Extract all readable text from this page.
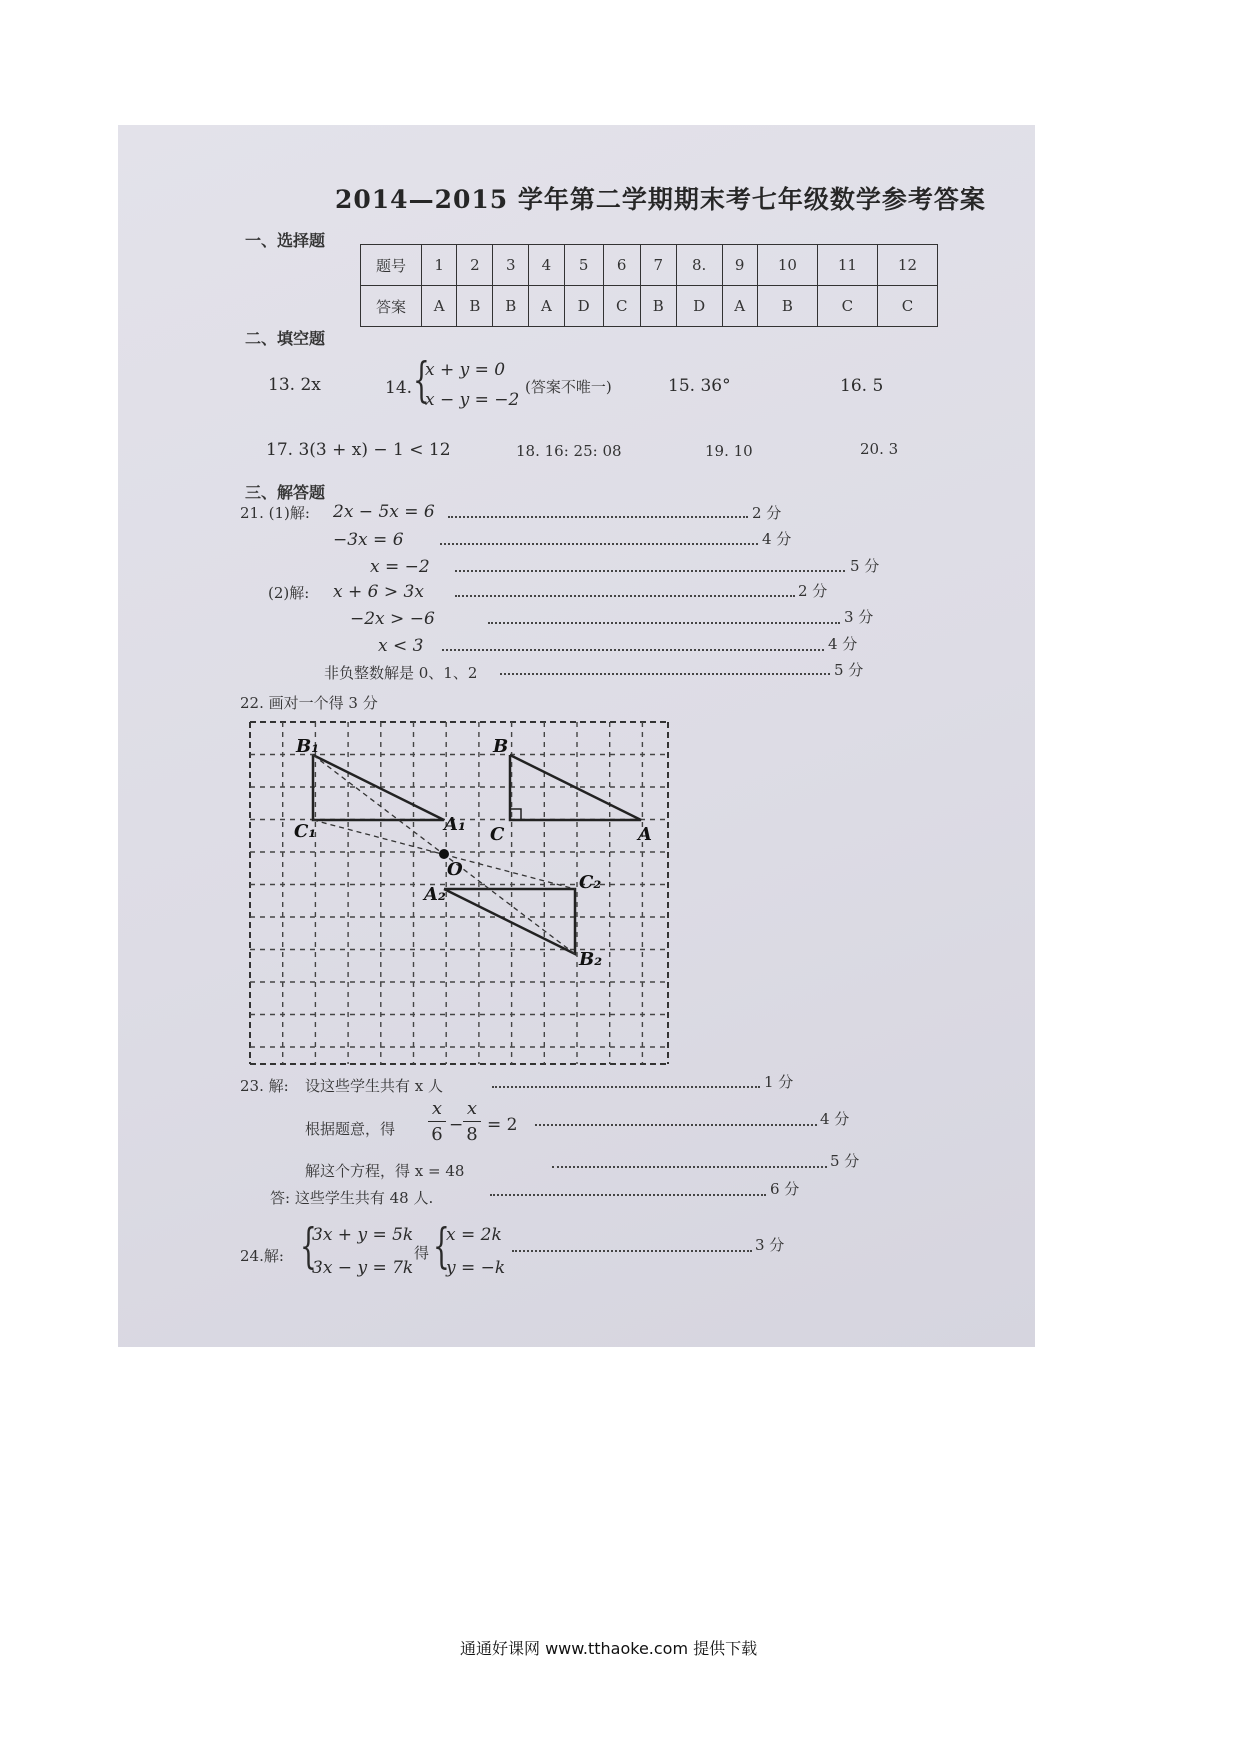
2014—2015 学年第二学期期末考七年级数学参考答案
一、选择题
题号	1	2	3	4	5	6	7	8.	9	10	11	12
答案	A	B	B	A	D	C	B	D	A	B	C	C
二、填空题
13. 2x	14. {
x + y = 0
x − y = −2
(答案不唯一)	15. 36°	16. 5
17. 3(3 + x) − 1 < 12	18. 16: 25: 08	19. 10	20. 3
三、解答题
21. (1)解: 2x − 5x = 6	2 分
−3x = 6	4 分
x = −2	5 分
(2)解: x + 6 > 3x	2 分
−2x > −6	3 分
x < 3	4 分
非负整数解是 0、1、2	5 分
22. 画对一个得 3 分
B₁
C₁	A₁
B
C	A
O
A₂
C₂
B₂
23. 解: 设这些学生共有 x 人	1 分
根据题意，得
x
6 −
x
8 = 2	4 分
解这个方程，得 x = 48
5 分
答: 这些学生共有 48 人.	6 分
24.解: {
3x + y = 5k
3x − y = 7k
得 {
x = 2k
y = −k
3 分
通通好课网 www.tthaoke.com 提供下载
